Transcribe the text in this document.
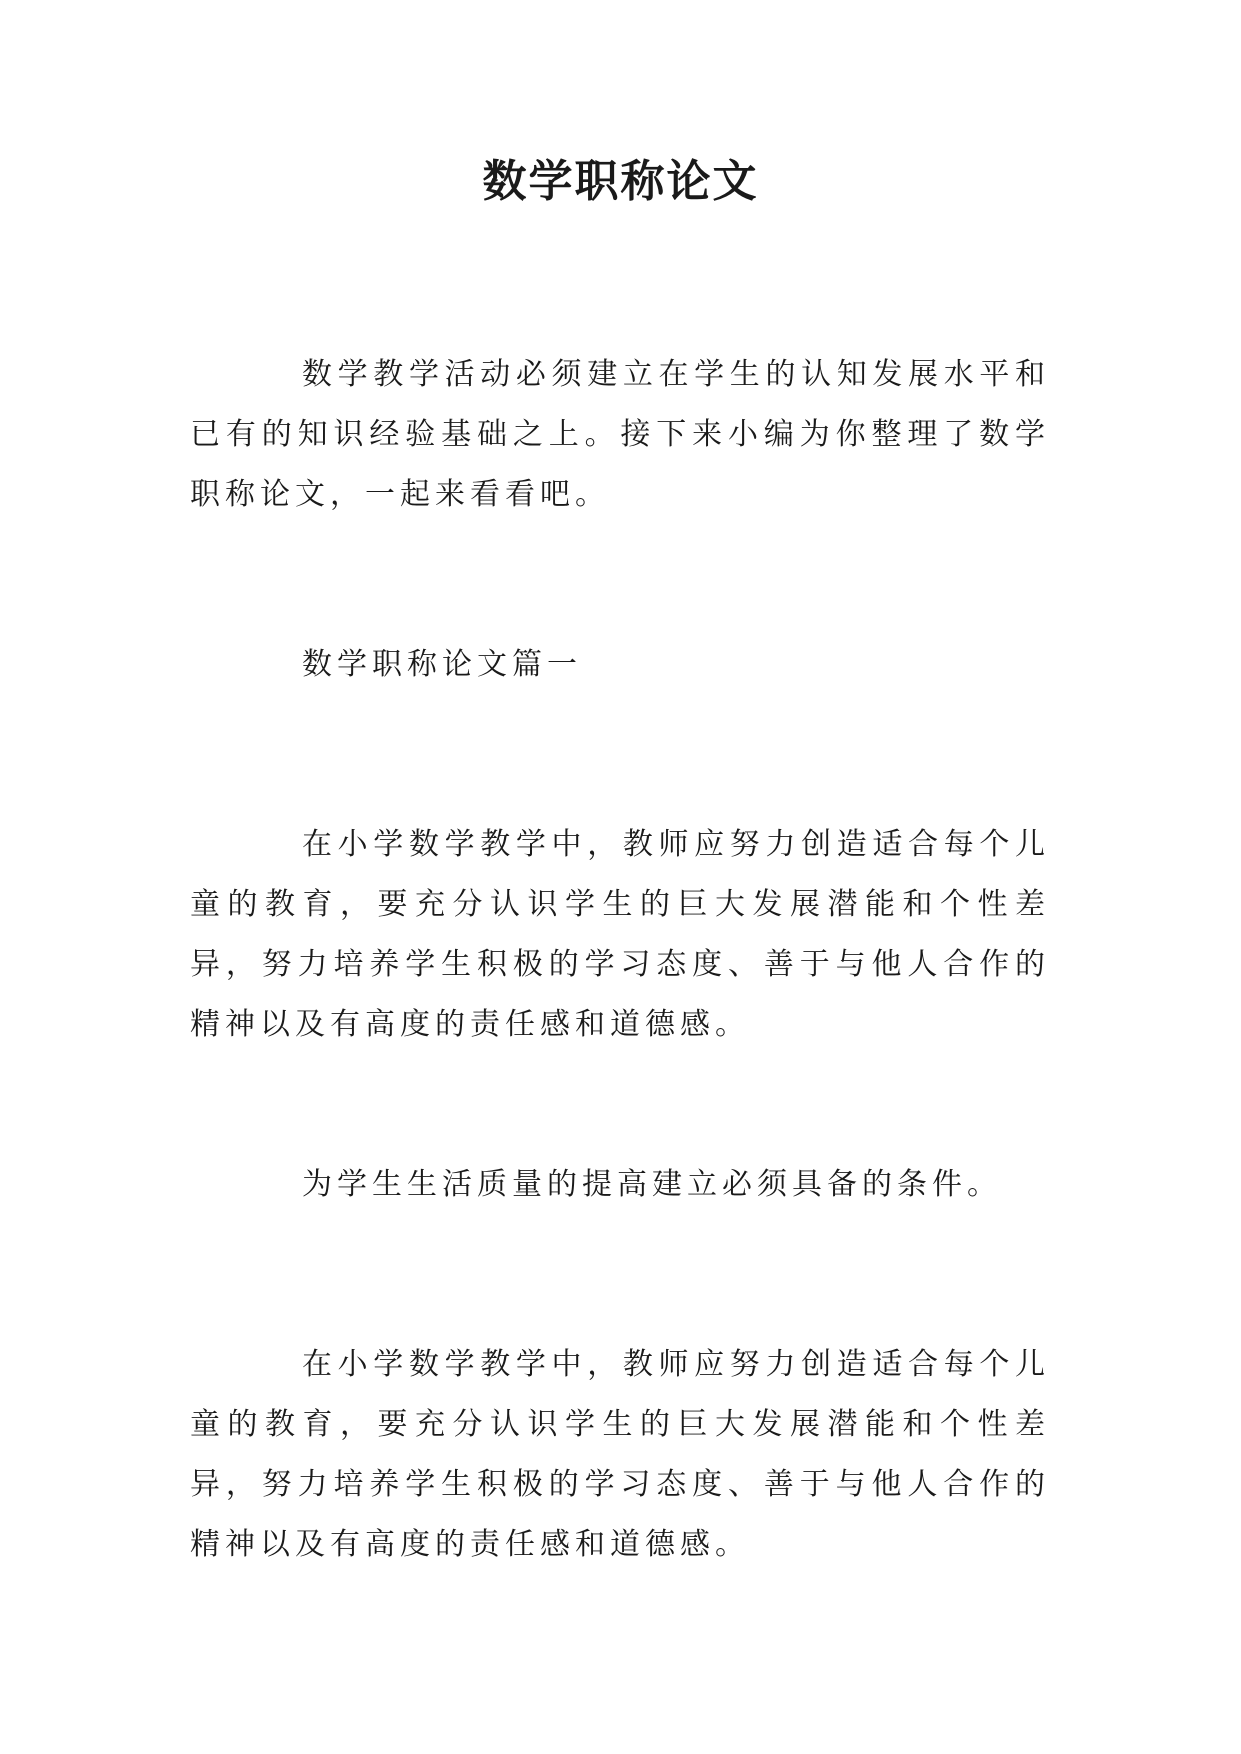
数学职称论文

数学教学活动必须建立在学生的认知发展水平和已有的知识经验基础之上。接下来小编为你整理了数学职称论文，一起来看看吧。

数学职称论文篇一

在小学数学教学中，教师应努力创造适合每个儿童的教育，要充分认识学生的巨大发展潜能和个性差异，努力培养学生积极的学习态度、善于与他人合作的精神以及有高度的责任感和道德感。

为学生生活质量的提高建立必须具备的条件。

在小学数学教学中，教师应努力创造适合每个儿童的教育，要充分认识学生的巨大发展潜能和个性差异，努力培养学生积极的学习态度、善于与他人合作的精神以及有高度的责任感和道德感。
